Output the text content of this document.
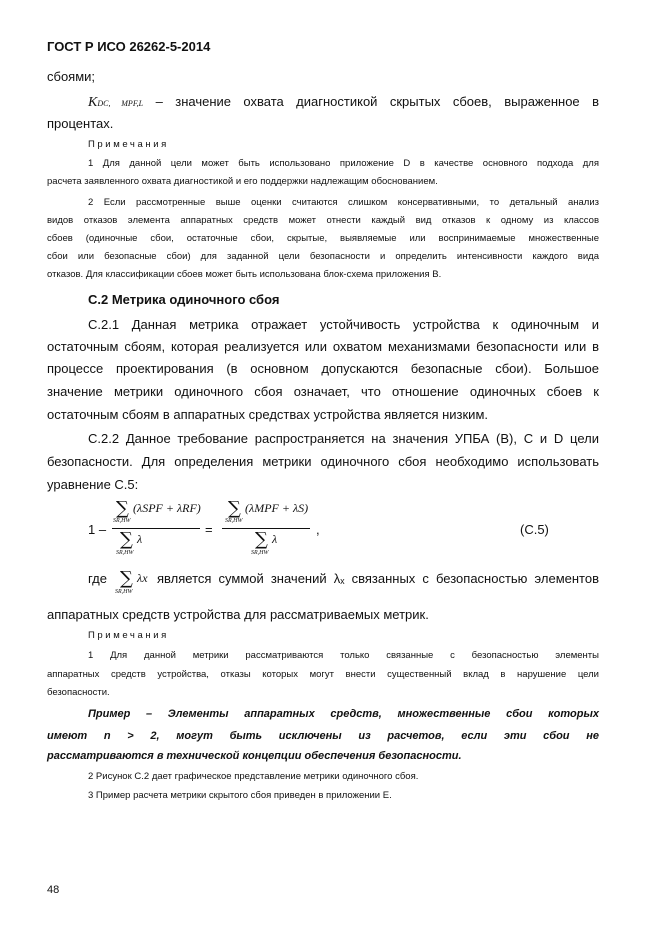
ГОСТ Р ИСО 26262-5-2014
сбоями;
KDC, MPF,L – значение охвата диагностикой скрытых сбоев, выраженное в
процентах.
Примечания
1 Для данной цели может быть использовано приложение D в качестве основного подхода для
расчета заявленного охвата диагностикой и его поддержки надлежащим обоснованием.
2 Если рассмотренные выше оценки считаются слишком консервативными, то детальный анализ
видов отказов элемента аппаратных средств может отнести каждый вид отказов к одному из классов
сбоев (одиночные сбои, остаточные сбои, скрытые, выявляемые или воспринимаемые множественные
сбои или безопасные сбои) для заданной цели безопасности и определить интенсивности каждого вида
отказов. Для классификации сбоев может быть использована блок-схема приложения В.
С.2 Метрика одиночного сбоя
С.2.1 Данная метрика отражает устойчивость устройства к одиночным и
остаточным сбоям, которая реализуется или охватом механизмами безопасности или в
процессе проектирования (в основном допускаются безопасные сбои). Большое
значение метрики одиночного сбоя означает, что отношение одиночных сбоев к
остаточным сбоям в аппаратных средствах устройства является низким.
С.2.2 Данное требование распространяется на значения УПБА (В), С и D цели
безопасности. Для определения метрики одиночного сбоя необходимо использовать
уравнение С.5:
1 –
∑ (λSPF + λRF)
SR,HW
∑ λ
SR,HW
=
∑ (λMPF + λS)
SR,HW
∑ λ
SR,HW
,	(С.5)
где ∑ λx
SR,HW
является суммой значений λₓ связанных с безопасностью элементов
аппаратных средств устройства для рассматриваемых метрик.
Примечания
1 Для данной метрики рассматриваются только связанные с безопасностью элементы
аппаратных средств устройства, отказы которых могут внести существенный вклад в нарушение цели
безопасности.
Пример – Элементы аппаратных средств, множественные сбои которых
имеют n > 2, могут быть исключены из расчетов, если эти сбои не
рассматриваются в технической концепции обеспечения безопасности.
2 Рисунок С.2 дает графическое представление метрики одиночного сбоя.
3 Пример расчета метрики скрытого сбоя приведен в приложении Е.
48
